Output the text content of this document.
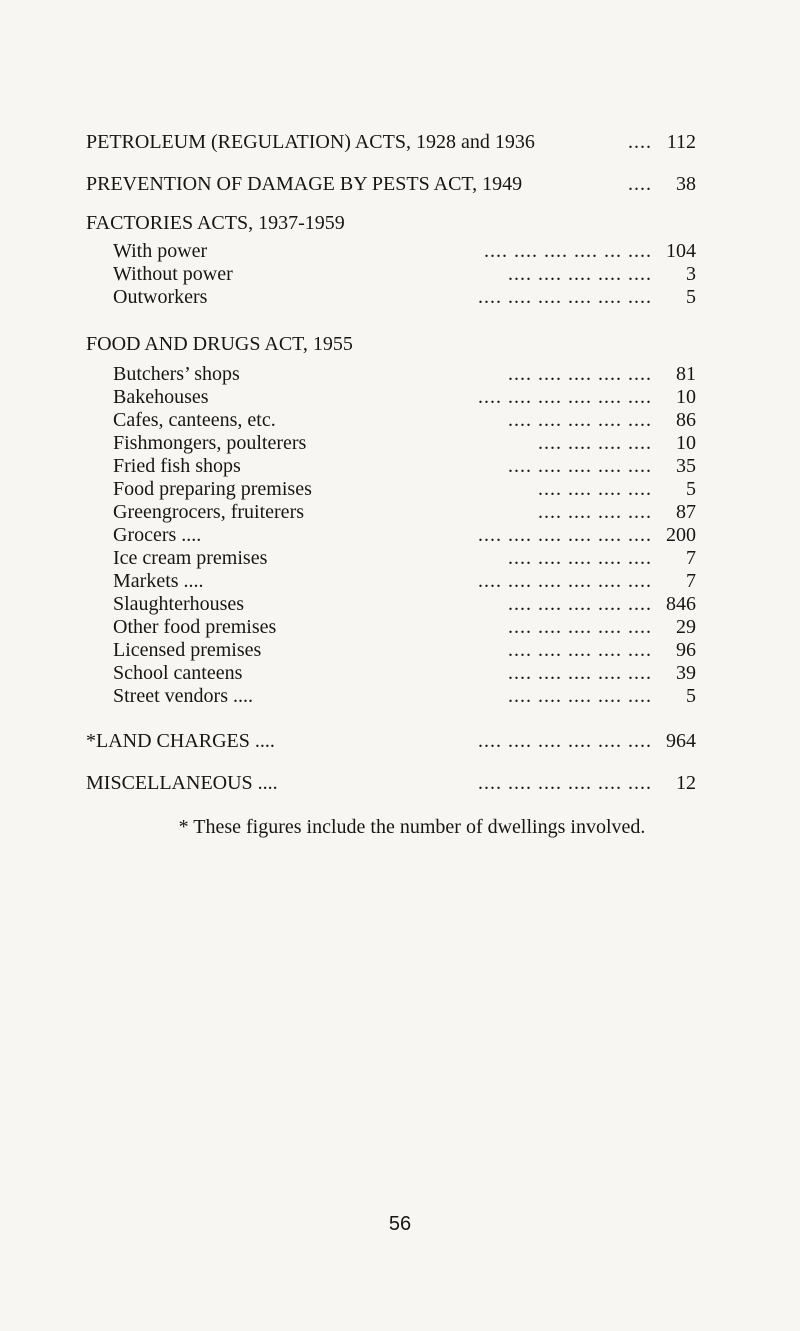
PETROLEUM (REGULATION) ACTS, 1928 and 1936	.... 112
PREVENTION OF DAMAGE BY PESTS ACT, 1949	....	38
FACTORIES ACTS, 1937-1959
With power	.... ... .... .... .... .... 104
Without power	.... .... .... .... ....	3
Outworkers	.... .... .... .... .... ....	5
FOOD AND DRUGS ACT, 1955
Butchers’ shops	.... .... .... .... ....	81
Bakehouses	.... .... .... .... .... ....	10
Cafes, canteens, etc.	.... .... .... .... ....	86
Fishmongers, poulterers	.... .... .... ....	10
Fried fish shops	.... .... .... .... ....	35
Food preparing premises	.... .... .... ....	5
Greengrocers, fruiterers	.... .... .... ....	87
Grocers ....	.... .... .... .... .... .... 200
Ice cream premises	.... .... .... .... ....	7
Markets ....	.... .... .... .... .... ....	7
Slaughterhouses	.... .... .... .... .... 846
Other food premises	.... .... .... .... ....	29
Licensed premises	.... .... .... .... ....	96
School canteens	.... .... .... .... ....	39
Street vendors ....	.... .... .... .... ....	5
*LAND CHARGES ....	.... .... .... .... .... .... 964
MISCELLANEOUS ....	.... .... .... .... .... ....	12
* These figures include the number of dwellings involved.
56
